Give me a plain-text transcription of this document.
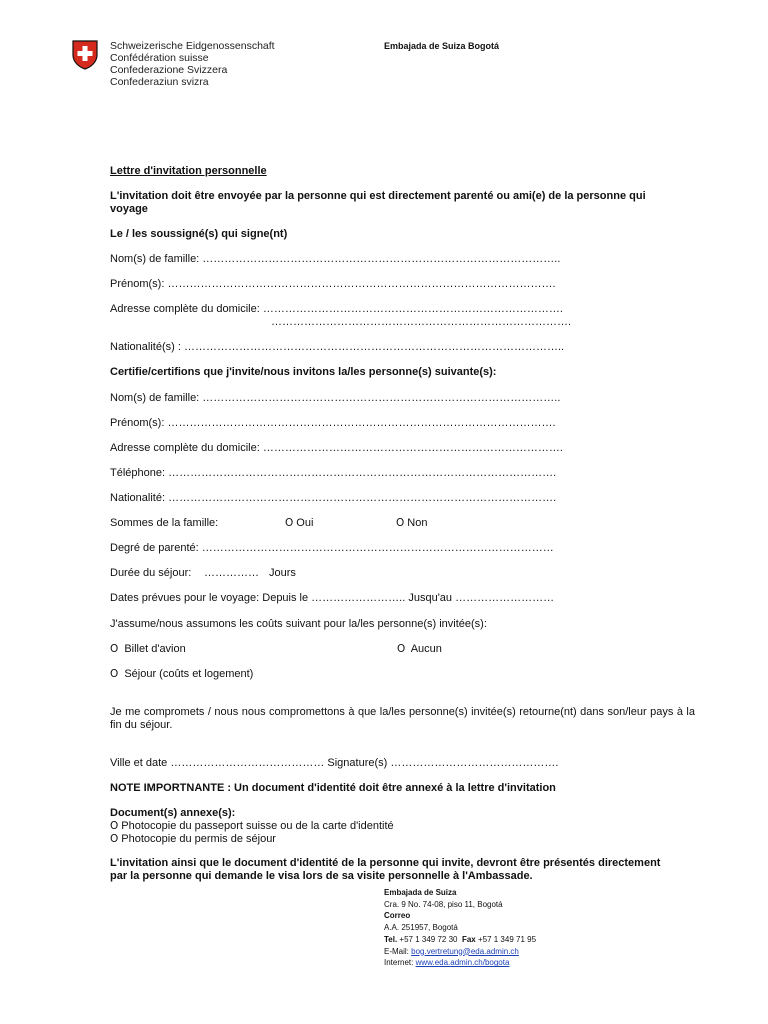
Schweizerische Eidgenossenschaft
Confédération suisse
Confederazione Svizzera
Confederaziun svizra
Embajada de Suiza Bogotá
Lettre d'invitation personnelle
L'invitation doit être envoyée par la personne qui est directement parenté ou ami(e) de la personne qui
voyage
Le / les soussigné(s) qui signe(nt)
Nom(s) de famille: ……………………………………………………………………………………..
Prénom(s): …………………………………………………………………………………………….
Adresse complète du domicile: ……………………………………………………………………….
……………………………………………………………………….
Nationalité(s) : …………………………………………………………………………………………..
Certifie/certifions que j'invite/nous invitons la/les personne(s) suivante(s):
Nom(s) de famille: ……………………………………………………………………………………..
Prénom(s): …………………………………………………………………………………………….
Adresse complète du domicile: ……………………………………………………………………….
Téléphone: …………………………………………………………………………………………….
Nationalité: …………………………………………………………………………………………….
Sommes de la famille:	O Oui	O Non
Degré de parenté: ……………………………………………………………………………………
Durée du séjour: …………… Jours
Dates prévues pour le voyage: Depuis le …………………….. Jusqu'au ………………………
J'assume/nous assumons les coûts suivant pour la/les personne(s) invitée(s):
O Billet d'avion	O Aucun
O Séjour (coûts et logement)
Je me compromets / nous nous compromettons à que la/les personne(s) invitée(s) retourne(nt) dans son/leur pays à la fin du séjour.
Ville et date …………………………………… Signature(s) ……………………………………….
NOTE IMPORTNANTE : Un document d'identité doit être annexé à la lettre d'invitation
Document(s) annexe(s):
O Photocopie du passeport suisse ou de la carte d'identité
O Photocopie du permis de séjour
L'invitation ainsi que le document d'identité de la personne qui invite, devront être présentés directement
par la personne qui demande le visa lors de sa visite personnelle à l'Ambassade.
Embajada de Suiza
Cra. 9 No. 74-08, piso 11, Bogotá
Correo
A.A. 251957, Bogotá
Tel. +57 1 349 72 30 Fax +57 1 349 71 95
E-Mail: bog.vertretung@eda.admin.ch
Internet: www.eda.admin.ch/bogota
